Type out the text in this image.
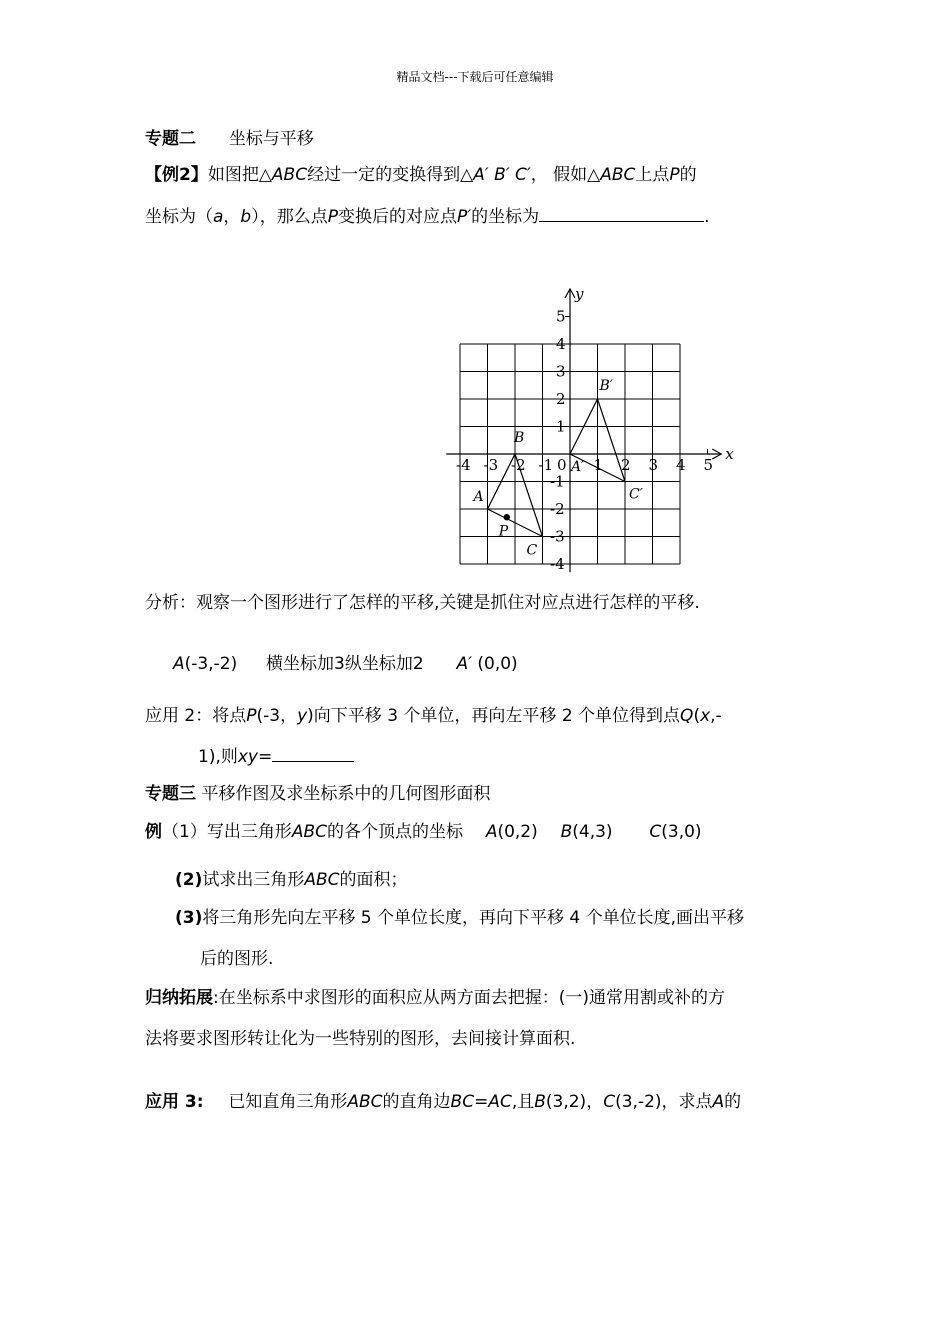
精品文档---下载后可任意编辑
专题二 坐标与平移
【例2】如图把△ABC经过一定的变换得到△A′ B′ C′， 假如△ABC上点P的
坐标为（a，b），那么点P变换后的对应点P′的坐标为	.
-4 -3 -2 -1 0 1 2 3 4 5
5
4
3
2
1
-1
-2
-3
-4
x
y
A
B
C
P
A′
B′
C′
分析：观察一个图形进行了怎样的平移,关键是抓住对应点进行怎样的平移.
A(-3,-2) 横坐标加3纵坐标加2 A′ (0,0)
应用 2：将点P(-3，y)向下平移 3 个单位，再向左平移 2 个单位得到点Q(x,-
1),则xy=
专题三 平移作图及求坐标系中的几何图形面积
例（1）写出三角形ABC的各个顶点的坐标 A(0,2) B(4,3) C(3,0)
(2)试求出三角形ABC的面积；
(3)将三角形先向左平移 5 个单位长度，再向下平移 4 个单位长度,画出平移
后的图形.
归纳拓展:在坐标系中求图形的面积应从两方面去把握：(一)通常用割或补的方
法将要求图形转让化为一些特别的图形，去间接计算面积.
应用 3: 已知直角三角形ABC的直角边BC=AC,且B(3,2)，C(3,-2)，求点A的
